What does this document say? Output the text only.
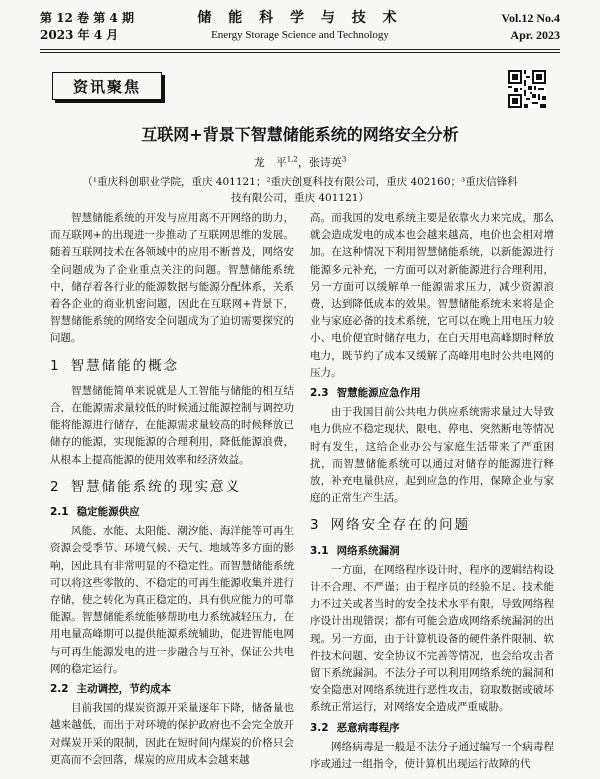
第 12 卷 第 4 期
2023 年 4 月
储 能 科 学 与 技 术
Energy Storage Science and Technology
Vol.12 No.4
Apr. 2023
资讯聚焦
互联网+背景下智慧储能系统的网络安全分析
龙　平$^{1,2}$，张诗英$^3$
（¹重庆科创职业学院，重庆 401121；²重庆创夏科技有限公司，重庆 402160；³重庆信锋科技有限公司，重庆 401121）

智慧储能系统的开发与应用离不开网络的助力，而互联网+的出现进一步推动了互联网思维的发展。随着互联网技术在各领域中的应用不断普及，网络安全问题成为了企业重点关注的问题。智慧储能系统中，储存着各行业的能源数据与能源分配体系，关系着各企业的商业机密问题，因此在互联网+背景下，智慧储能系统的网络安全问题成为了迫切需要探究的问题。

1 智慧储能的概念

智慧储能简单来说就是人工智能与储能的相互结合，在能源需求量较低的时候通过能源控制与调控功能将能源进行储存，在能源需求量较高的时候释放已储存的能源，实现能源的合理利用，降低能源浪费，从根本上提高能源的使用效率和经济效益。

2 智慧储能系统的现实意义
2.1 稳定能源供应

风能、水能、太阳能、潮汐能、海洋能等可再生资源会受季节、环境气候、天气、地域等多方面的影响，因此具有非常明显的不稳定性。而智慧储能系统可以将这些零散的、不稳定的可再生能源收集并进行存储，使之转化为真正稳定的、具有供应能力的可靠能源。智慧储能系统能够帮助电力系统减轻压力，在用电量高峰期可以提供能源系统辅助，促进智能电网与可再生能源发电的进一步融合与互补，保证公共电网的稳定运行。

2.2 主动调控，节约成本

目前我国的煤炭资源开采量逐年下降，储备量也越来越低，而出于对环境的保护政府也不会完全放开对煤炭开采的限制，因此在短时间内煤炭的价格只会更高而不会回落，煤炭的应用成本会越来越

高。而我国的发电系统主要是依靠火力来完成，那么就会造成发电的成本也会越来越高，电价也会相对增加。在这种情况下利用智慧储能系统，以新能源进行能源多元补充，一方面可以对新能源进行合理利用，另一方面可以缓解单一能源需求压力，减少资源浪费，达到降低成本的效果。智慧储能系统未来将是企业与家庭必备的技术系统，它可以在晚上用电压力较小、电价便宜时储存电力，在白天用电高峰期时释放电力，既节约了成本又缓解了高峰用电时公共电网的压力。

2.3 智慧能源应急作用

由于我国目前公共电力供应系统需求量过大导致电力供应不稳定现状，限电、停电、突然断电等情况时有发生，这给企业办公与家庭生活带来了严重困扰，而智慧储能系统可以通过对储存的能源进行释放，补充电量供应，起到应急的作用，保障企业与家庭的正常生产生活。

3 网络安全存在的问题
3.1 网络系统漏洞

一方面，在网络程序设计时，程序的逻辑结构设计不合理、不严谨；由于程序员的经验不足、技术能力不过关或者当时的安全技术水平有限，导致网络程序设计出现错误；都有可能会造成网络系统漏洞的出现。另一方面，由于计算机设备的硬件条件限制、软件技术问题、安全协议不完善等情况，也会给攻击者留下系统漏洞。不法分子可以利用网络系统的漏洞和安全隐患对网络系统进行恶性攻击，窃取数据或破坏系统正常运行，对网络安全造成严重威胁。

3.2 恶意病毒程序

网络病毒是一般是不法分子通过编写一个病毒程序或通过一组指令，使计算机出现运行故障的代
